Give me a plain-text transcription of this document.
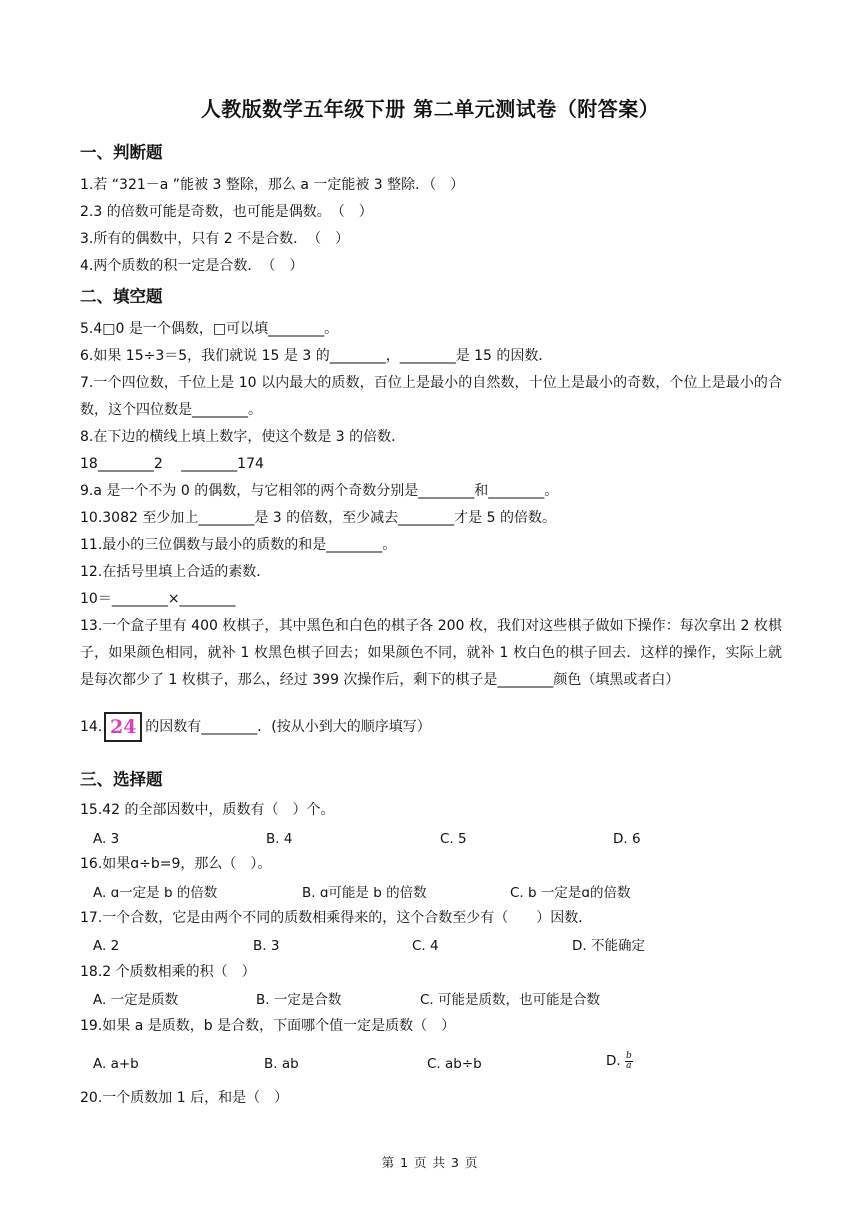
人教版数学五年级下册 第二单元测试卷（附答案）
一、判断题
1.若 “321－a ”能被 3 整除，那么 a 一定能被 3 整除．（　）
2.3 的倍数可能是奇数，也可能是偶数。　（　）
3.所有的偶数中，只有 2 不是合数．　（　）
4.两个质数的积一定是合数．　（　）
二、填空题
5.4□0 是一个偶数，□可以填________。
6.如果 15÷3＝5，我们就说 15 是 3 的________，________是 15 的因数．
7.一个四位数，千位上是 10 以内最大的质数，百位上是最小的自然数，十位上是最小的奇数，个位上是最小的合数，这个四位数是________。
8.在下边的横线上填上数字，使这个数是 3 的倍数．
18________2　 ________174
9.a 是一个不为 0 的偶数，与它相邻的两个奇数分别是________和________。
10.3082 至少加上________是 3 的倍数，至少减去________才是 5 的倍数。
11.最小的三位偶数与最小的质数的和是________。
12.在括号里填上合适的素数．
10＝________×________
13.一个盒子里有 400 枚棋子，其中黑色和白色的棋子各 200 枚，我们对这些棋子做如下操作：每次拿出 2 枚棋子，如果颜色相同，就补 1 枚黑色棋子回去；如果颜色不同，就补 1 枚白色的棋子回去．这样的操作，实际上就是每次都少了 1 枚棋子，那么，经过 399 次操作后，剩下的棋子是________颜色（填黑或者白）
14. 24 的因数有________．(按从小到大的顺序填写）
三、选择题
15.42 的全部因数中，质数有（　）个。
A. 3	B. 4	C. 5	D. 6
16.如果ɑ÷b=9，那么（　）。
A. ɑ一定是 b 的倍数	B. ɑ可能是 b 的倍数	C. b 一定是ɑ的倍数
17.一个合数，它是由两个不同的质数相乘得来的，这个合数至少有（　　）因数．
A. 2	B. 3	C. 4	D. 不能确定
18.2 个质数相乘的积（　）
A. 一定是质数	B. 一定是合数	C. 可能是质数，也可能是合数
19.如果 a 是质数，b 是合数，下面哪个值一定是质数（　）
A. a+b	B. ab	C. ab÷b	D. $\frac{b}{a}$
20.一个质数加 1 后，和是（　）
第 1 页 共 3 页
